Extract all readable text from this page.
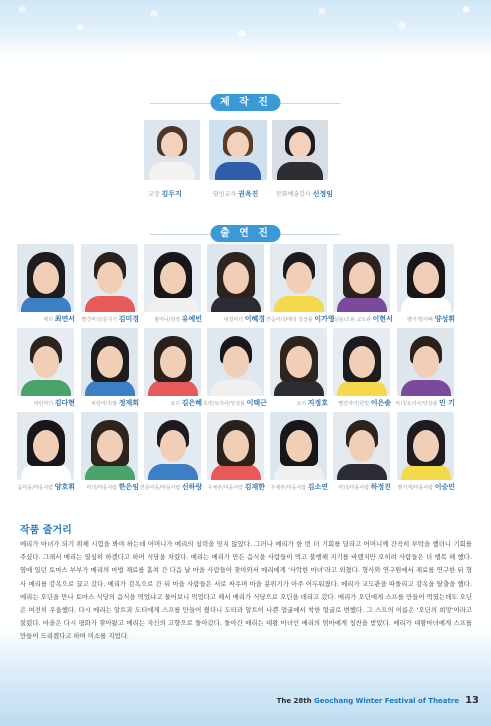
✻
✼
✻
✽
✼
✻
✽
제 작 진
교장 김두지	담임교사 권옥진	문화예술강사 신정임
출 연 진
메리 최연서	빨간마녀/문지기 김미경	할머니/원장 유예빈	대장마녀 이혜경 견습마녀/메리 앙상블 이가영
앙상블/조용 교도관 이현서	빵가게/아빠 양성휘
파란마녀 김다현	파랑마녀/왕 정재희	요리 김은혜 호빗/요리사/앙상블 이택근	토끼 지정호	빨간마녀/한빛 이은솔 마녀/요리사/앙상블 민 기
곰마을/마을사람 양호휘	마녀/마을사람 한은임 연못마을/마을사람 신하랑	우체부/마을사람 김재한	우체부/마을사람 김소연	마녀/마을사람 하정진	빵가게/마을사람 이승민
작품 줄거리
메리가 마녀가 되기 위해 시험을 봐야 하는데 어머니가 메리의 실력을 믿지 않았다. 그러나 메리가 한 번 더 기회를 달라고 어머니께 간곡히 부탁을 했더니 기회를 주셨다. 그래서 메리는 열심히 하겠다고 하며 식당을 차렸다. 메리는 메리가 만든 음식을 사람들이 먹고 불행해 지기를 바랬지만 오히려 사람들은 더 행복 해 했다. 옆에 있던 토마스 부부가 메리의 마법 재료를 훔쳐 간 다음 날 마을 사람들이 찾아와서 메리에게 '사악한 마녀'라고 외쳤다. 형사와 연구원에서 재료를 연구한 뒤 형사 메리를 감옥으로 끌고 갔다. 메리가 감옥으로 간 뒤 마을 사람들은 서로 싸우며 마을 분위기가 아주 어두워졌다. 메리가 교도관을 따돌리고 감옥을 탈출을 했다. 메리는 오딘을 만나 토마스 식당의 음식을 먹었냐고 물어보니 먹었다고 해서 메리가 식당으로 오딘을 데리고 갔다. 메리가 오딘에게 스프를 만들어 먹였는데도 오딘은 여전히 우울했다. 다시 메리는 알트과 도티에게 스프를 만들어 줬더니 도티과 알트이 나쁜 얼굴에서 착한 얼굴로 변했다. 그 스프의 이름은 '오딘의 희망'이라고 불렸다. 마을은 다시 평화가 찾아왔고 메리는 자신의 고향으로 돌아갔다. 돌아간 메리는 대왕 마녀인 메리의 엄마에게 칭찬을 받았다. 메리가 대왕마녀에게 스프를 만들어 드리겠다고 하며 미소를 지었다.
The 28th Geochang Winter Festival of Theatre 13
